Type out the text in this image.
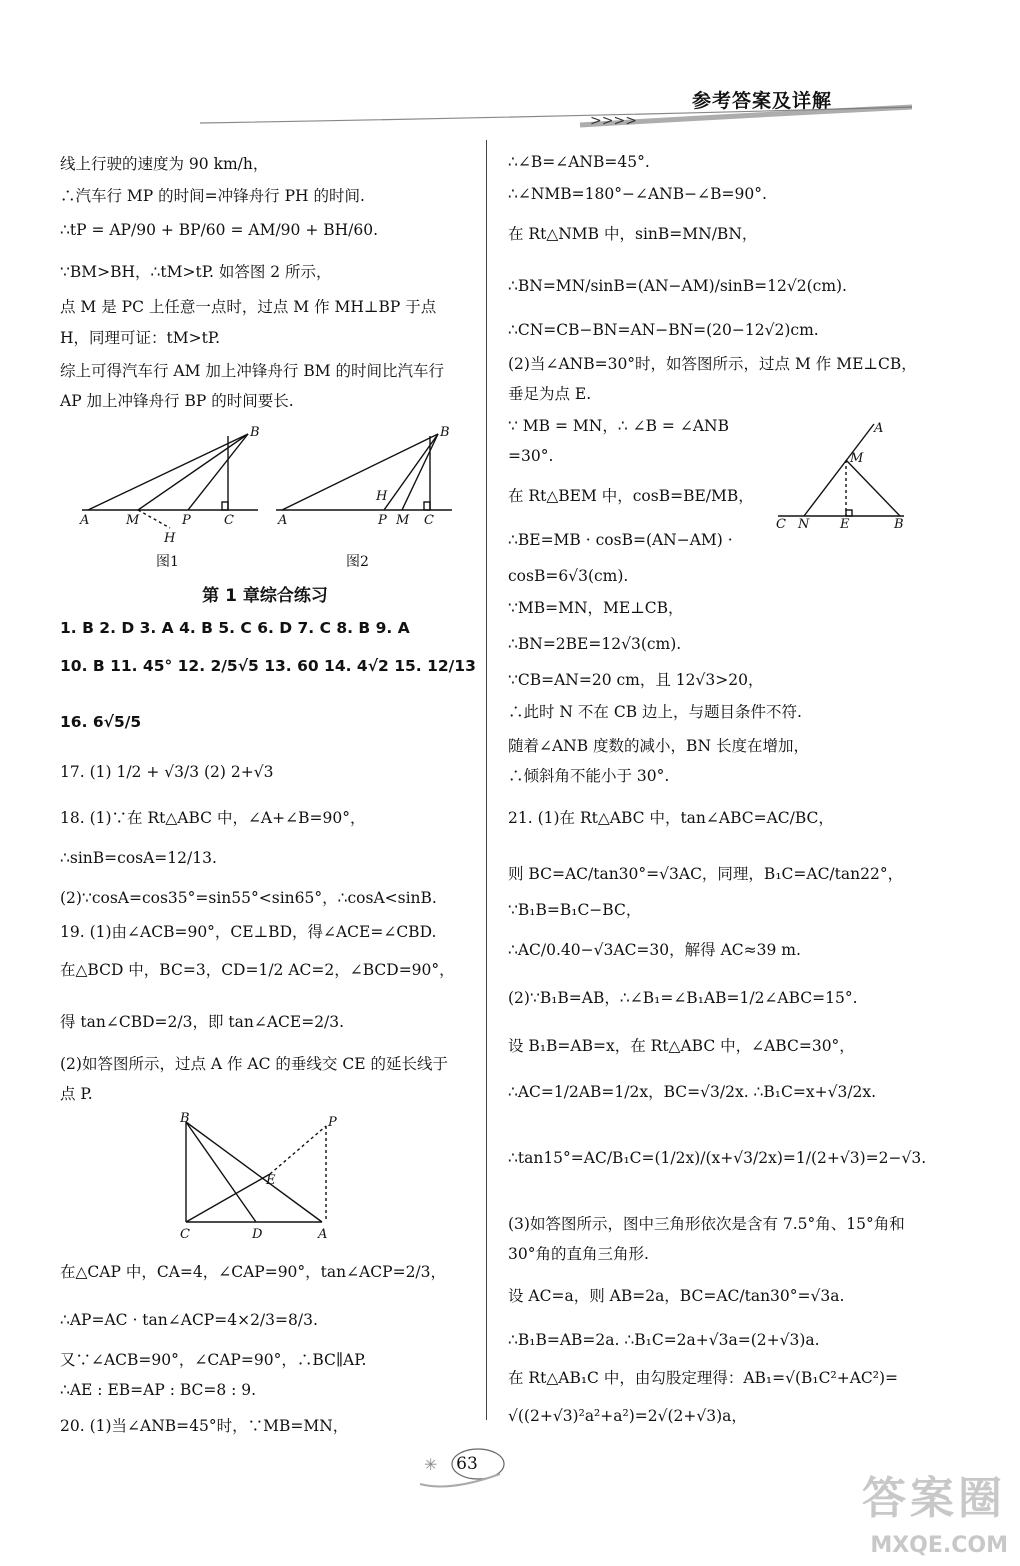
参考答案及详解
>>>>
线上行驶的速度为 90 km/h，
∴汽车行 MP 的时间=冲锋舟行 PH 的时间.
∴tP = AP/90 + BP/60 = AM/90 + BH/60.
∵BM>BH，∴tM>tP. 如答图 2 所示，
点 M 是 PC 上任意一点时，过点 M 作 MH⊥BP 于点
H，同理可证：tM>tP.
综上可得汽车行 AM 加上冲锋舟行 BM 的时间比汽车行
AP 加上冲锋舟行 BP 的时间要长.
A	M	P	C
H
B
A	P M C
H
B
图1	图2
第 1 章综合练习
1. B 2. D 3. A 4. B 5. C 6. D 7. C 8. B 9. A
10. B 11. 45° 12. 2/5√5 13. 60 14. 4√2 15. 12/13
16. 6√5/5
17. (1) 1/2 + √3/3 (2) 2+√3
18. (1)∵在 Rt△ABC 中，∠A+∠B=90°，
∴sinB=cosA=12/13.
(2)∵cosA=cos35°=sin55°<sin65°，∴cosA<sinB.
19. (1)由∠ACB=90°，CE⊥BD，得∠ACE=∠CBD.
在△BCD 中，BC=3，CD=1/2 AC=2，∠BCD=90°，
得 tan∠CBD=2/3，即 tan∠ACE=2/3.
(2)如答图所示，过点 A 作 AC 的垂线交 CE 的延长线于
点 P.
B
C	D	A
E
P
在△CAP 中，CA=4，∠CAP=90°，tan∠ACP=2/3，
∴AP=AC · tan∠ACP=4×2/3=8/3.
又∵∠ACB=90°，∠CAP=90°，∴BC∥AP.
∴AE : EB=AP : BC=8 : 9.
20. (1)当∠ANB=45°时，∵MB=MN，
∴∠B=∠ANB=45°.
∴∠NMB=180°−∠ANB−∠B=90°.
在 Rt△NMB 中，sinB=MN/BN，
∴BN=MN/sinB=(AN−AM)/sinB=12√2(cm).
∴CN=CB−BN=AN−BN=(20−12√2)cm.
(2)当∠ANB=30°时，如答图所示，过点 M 作 ME⊥CB，
垂足为点 E.
∵ MB = MN，∴ ∠B = ∠ANB
=30°.
在 Rt△BEM 中，cosB=BE/MB，
∴BE=MB · cosB=(AN−AM) ·
cosB=6√3(cm).
∵MB=MN，ME⊥CB，
∴BN=2BE=12√3(cm).
∵CB=AN=20 cm，且 12√3>20，
∴此时 N 不在 CB 边上，与题目条件不符.
随着∠ANB 度数的减小，BN 长度在增加，
∴倾斜角不能小于 30°.
A
M
C N E	B
21. (1)在 Rt△ABC 中，tan∠ABC=AC/BC，
则 BC=AC/tan30°=√3AC，同理，B₁C=AC/tan22°，
∵B₁B=B₁C−BC，
∴AC/0.40−√3AC=30，解得 AC≈39 m.
(2)∵B₁B=AB，∴∠B₁=∠B₁AB=1/2∠ABC=15°.
设 B₁B=AB=x，在 Rt△ABC 中，∠ABC=30°，
∴AC=1/2AB=1/2x，BC=√3/2x. ∴B₁C=x+√3/2x.
∴tan15°=AC/B₁C=(1/2x)/(x+√3/2x)=1/(2+√3)=2−√3.
(3)如答图所示，图中三角形依次是含有 7.5°角、15°角和
30°角的直角三角形.
设 AC=a，则 AB=2a，BC=AC/tan30°=√3a.
∴B₁B=AB=2a. ∴B₁C=2a+√3a=(2+√3)a.
在 Rt△AB₁C 中，由勾股定理得：AB₁=√(B₁C²+AC²)=
√((2+√3)²a²+a²)=2√(2+√3)a，
✳	63
答案圈
MXQE.COM
